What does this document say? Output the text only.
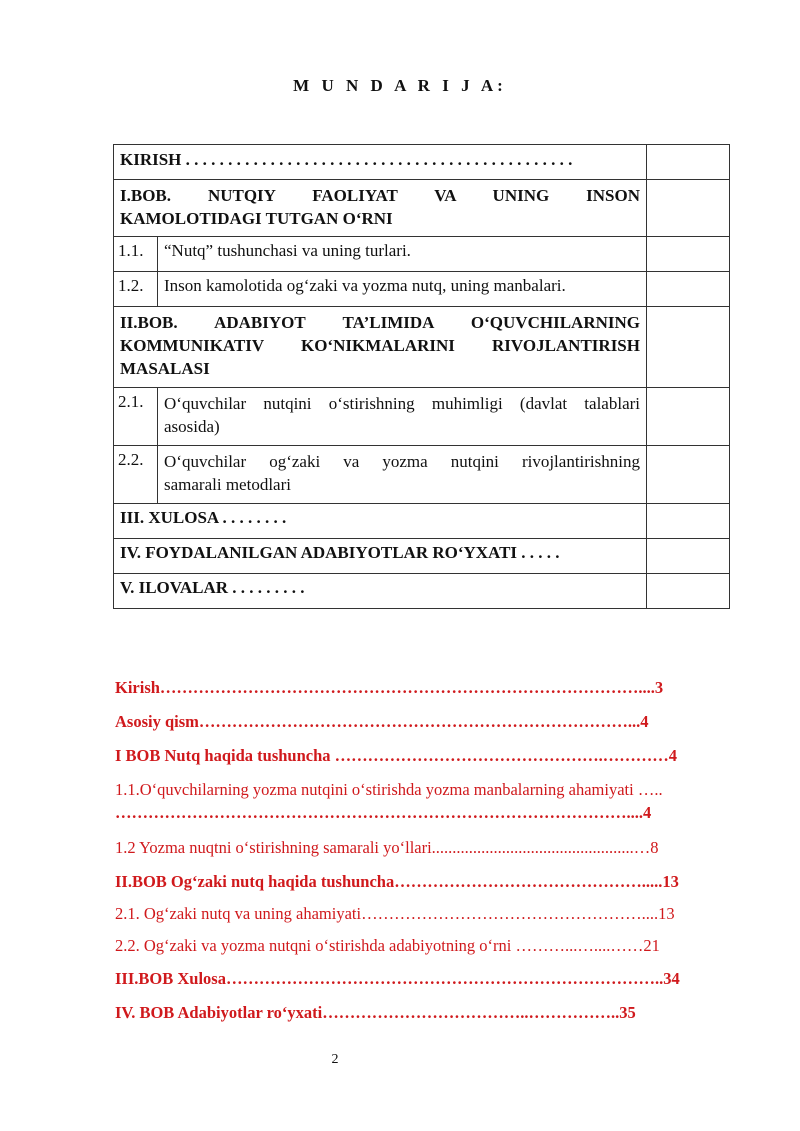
M U N D A R I J A:
KIRISH . . . . . . . . . . . . . . . . . . . . . . . . . . . . . . . . . . . . . . . . . . . . . .		

I.BOB. NUTQIY FAOLIYAT VA UNING INSON
KAMOLOTIDAGI TUTGAN O‘RNI		

1.1.	“Nutq” tushunchasi va uning turlari.	
1.2.	Inson kamolotida og‘zaki va yozma nutq, uning manbalari.	

II.BOB. ADABIYOT TA’LIMIDA O‘QUVCHILARNING
KOMMUNIKATIV KO‘NIKMALARINI RIVOJLANTIRISH
MASALASI		

2.1.	O‘quvchilar nutqini o‘stirishning muhimligi (davlat talablari
asosida)	

2.2.	O‘quvchilar og‘zaki va yozma nutqini rivojlantirishning
samarali metodlari	

III. XULOSA . . . . . . . .		
IV. FOYDALANILGAN ADABIYOTLAR RO‘YXATI . . . . .		
V. ILOVALAR . . . . . . . . .		
Kirish……………………………………………………………………………....3
Asosiy qism……………………………………………………………………...4
I BOB Nutq haqida tushuncha ………………………………………….…………4
1.1.O‘quvchilarning yozma nutqini o‘stirishda yozma manbalarning ahamiyati …..
…………………………………………………………………………………....4
1.2 Yozma nuqtni o‘stirishning samarali yo‘llari.................................................…8
II.BOB Og‘zaki nutq haqida tushuncha……………………………………….....13
2.1. Og‘zaki nutq va uning ahamiyati……………………………………………....13
2.2. Og‘zaki va yozma nutqni o‘stirishda adabiyotning o‘rni ………...…....……21
III.BOB Xulosa……………………………………………………………………..34
IV. BOB Adabiyotlar ro‘yxati………………………………..……………..35
2
